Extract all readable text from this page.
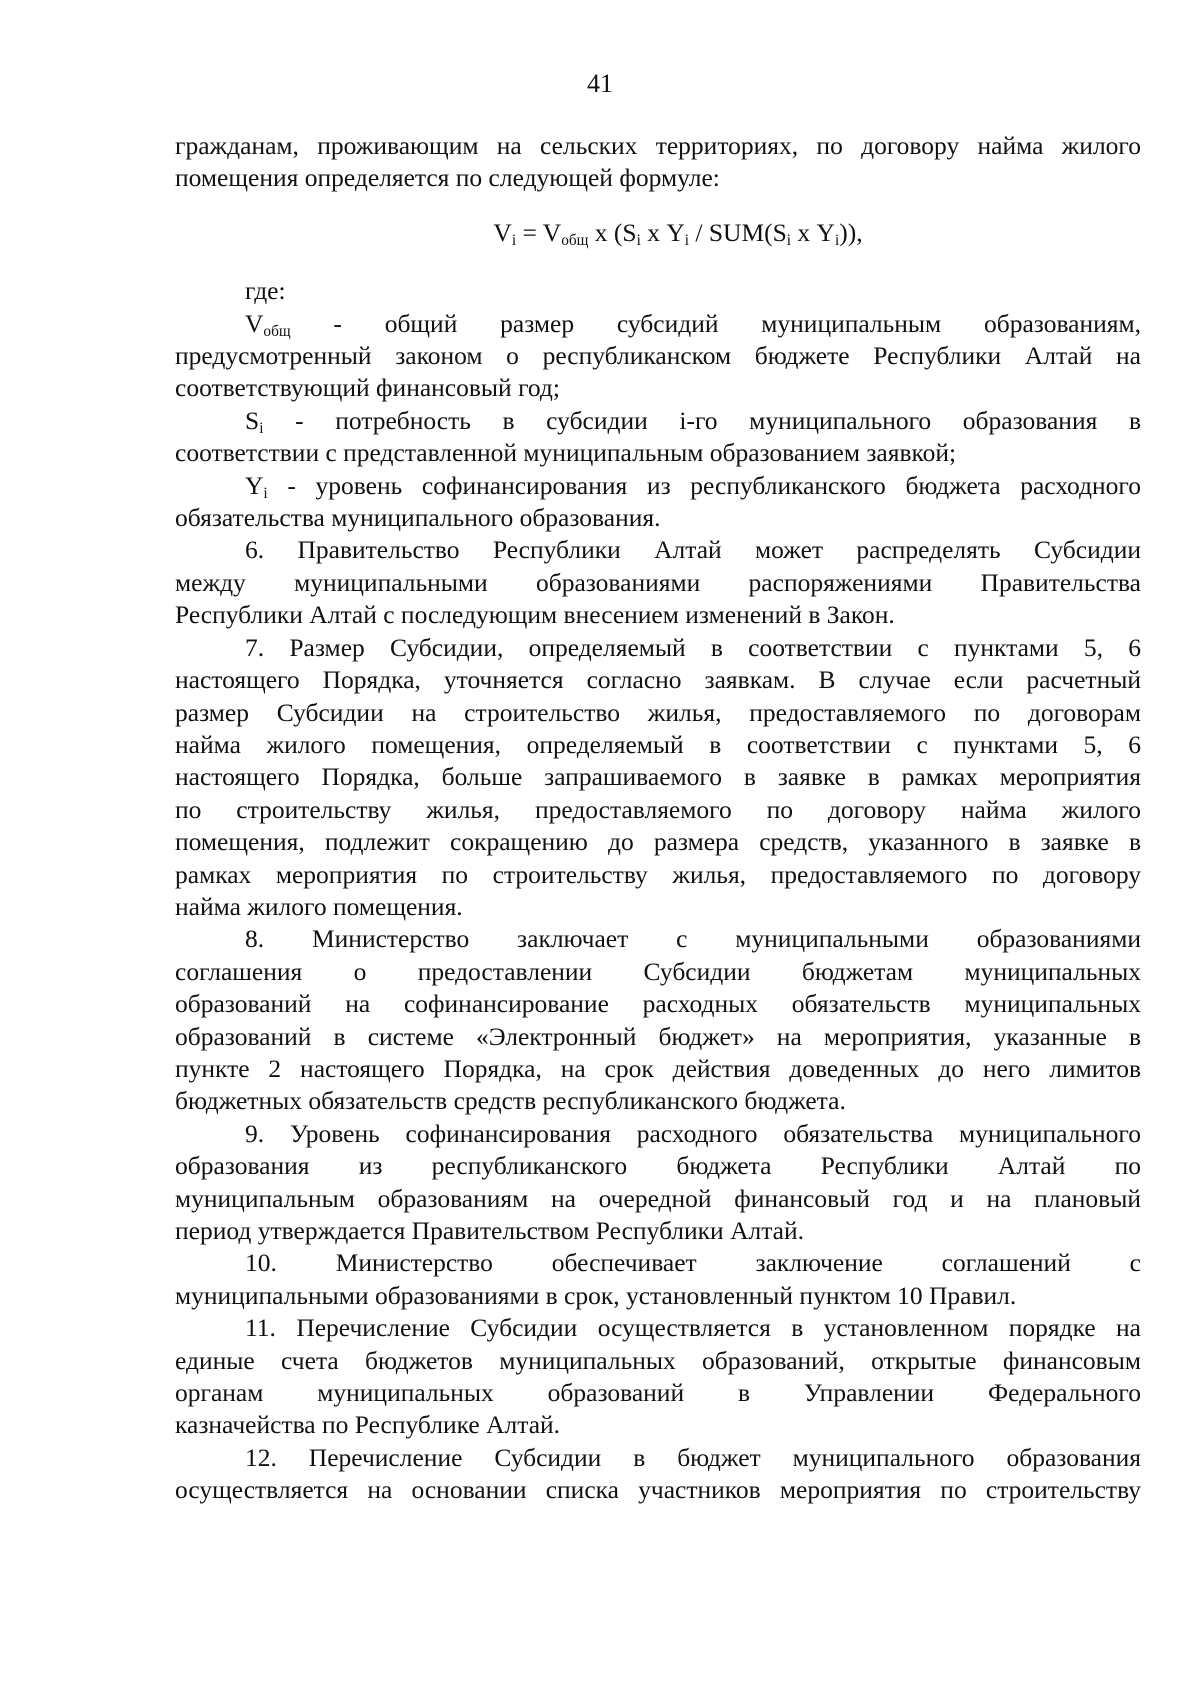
41
гражданам, проживающим на сельских территориях, по договору найма жилого
помещения определяется по следующей формуле:
$V_i = V_{общ}$ х ($S_i$ х $Y_i / SUM(S_i$ х $Y_i$)),
где:
$V_{общ}$ - общий размер субсидий муниципальным образованиям,
предусмотренный законом о республиканском бюджете Республики Алтай на
соответствующий финансовый год;
$S_i$ - потребность в субсидии i-го муниципального образования в
соответствии с представленной муниципальным образованием заявкой;
$Y_i$ - уровень софинансирования из республиканского бюджета расходного
обязательства муниципального образования.
6. Правительство Республики Алтай может распределять Субсидии
между муниципальными образованиями распоряжениями Правительства
Республики Алтай с последующим внесением изменений в Закон.
7. Размер Субсидии, определяемый в соответствии с пунктами 5, 6
настоящего Порядка, уточняется согласно заявкам. В случае если расчетный
размер Субсидии на строительство жилья, предоставляемого по договорам
найма жилого помещения, определяемый в соответствии с пунктами 5, 6
настоящего Порядка, больше запрашиваемого в заявке в рамках мероприятия
по строительству жилья, предоставляемого по договору найма жилого
помещения, подлежит сокращению до размера средств, указанного в заявке в
рамках мероприятия по строительству жилья, предоставляемого по договору
найма жилого помещения.
8. Министерство заключает с муниципальными образованиями
соглашения о предоставлении Субсидии бюджетам муниципальных
образований на софинансирование расходных обязательств муниципальных
образований в системе «Электронный бюджет» на мероприятия, указанные в
пункте 2 настоящего Порядка, на срок действия доведенных до него лимитов
бюджетных обязательств средств республиканского бюджета.
9. Уровень софинансирования расходного обязательства муниципального
образования из республиканского бюджета Республики Алтай по
муниципальным образованиям на очередной финансовый год и на плановый
период утверждается Правительством Республики Алтай.
10. Министерство обеспечивает заключение соглашений с
муниципальными образованиями в срок, установленный пунктом 10 Правил.
11. Перечисление Субсидии осуществляется в установленном порядке на
единые счета бюджетов муниципальных образований, открытые финансовым
органам муниципальных образований в Управлении Федерального
казначейства по Республике Алтай.
12. Перечисление Субсидии в бюджет муниципального образования
осуществляется на основании списка участников мероприятия по строительству
